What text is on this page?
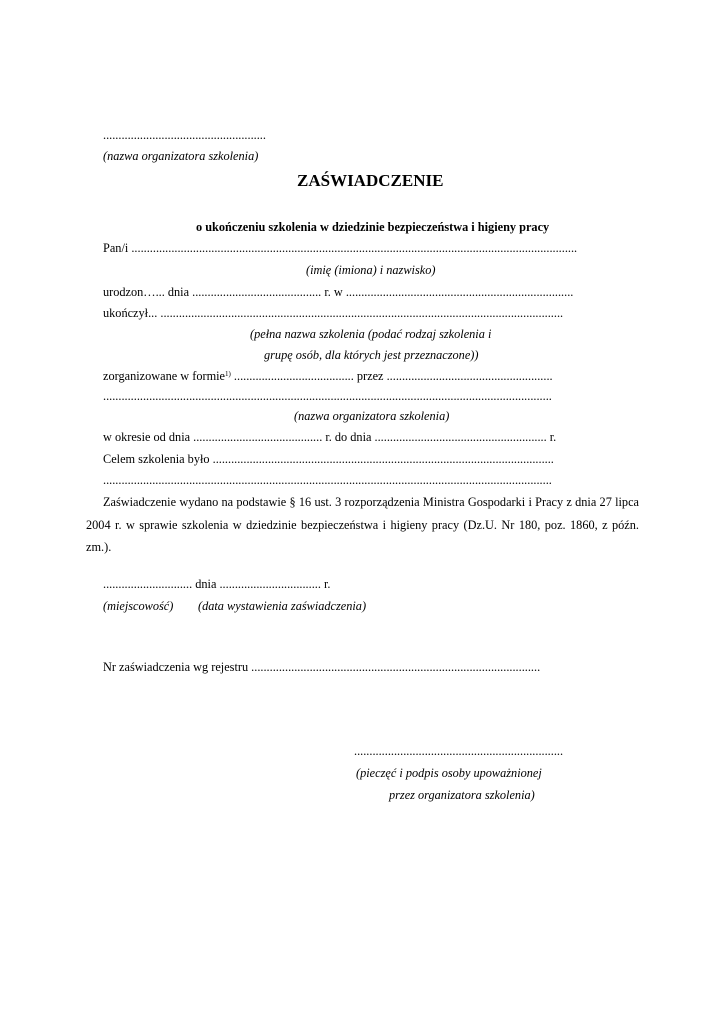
.....................................................
(nazwa organizatora szkolenia)
ZAŚWIADCZENIE
o ukończeniu szkolenia w dziedzinie bezpieczeństwa i higieny pracy
Pan/i .................................................................................................................................................
(imię (imiona) i nazwisko)
urodzon…... dnia .......................................... r. w ..........................................................................
ukończył... ...................................................................................................................................
(pełna nazwa szkolenia (podać rodzaj szkolenia i
grupę osób, dla których jest przeznaczone))
zorganizowane w formie$^{1)}$ ....................................... przez ......................................................
..................................................................................................................................................
(nazwa organizatora szkolenia)
w okresie od dnia .......................................... r. do dnia ........................................................ r.
Celem szkolenia było ...............................................................................................................
..................................................................................................................................................
Zaświadczenie wydano na podstawie § 16 ust. 3 rozporządzenia Ministra Gospodarki i Pracy z dnia 27 lipca 2004 r. w sprawie szkolenia w dziedzinie bezpieczeństwa i higieny pracy (Dz.U. Nr 180, poz. 1860, z późn. zm.).
............................. dnia ................................. r.
(miejscowość) (data wystawienia zaświadczenia)
Nr zaświadczenia wg rejestru ..............................................................................................
....................................................................
(pieczęć i podpis osoby upoważnionej
przez organizatora szkolenia)
